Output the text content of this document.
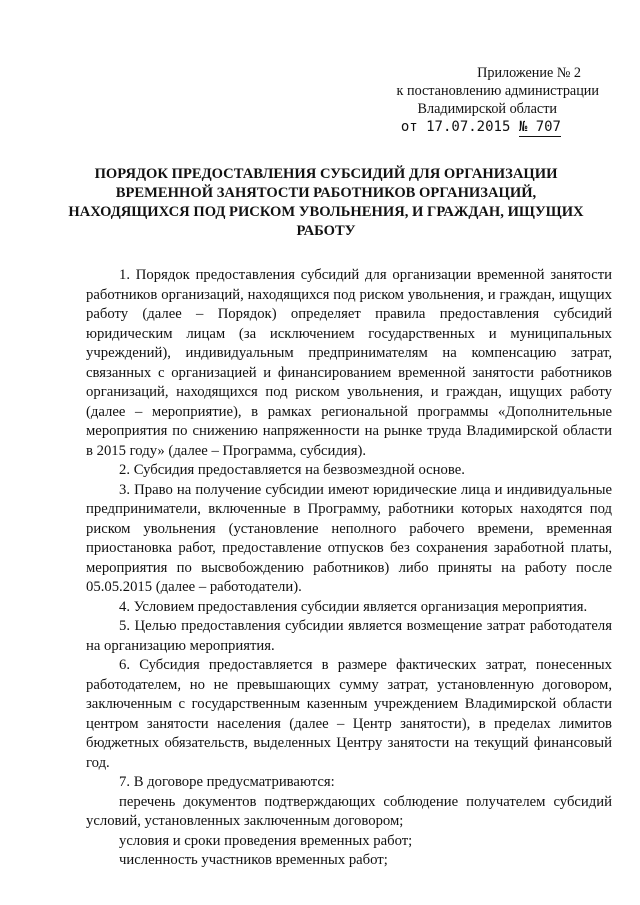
Приложение № 2
к постановлению администрации
Владимирской области
от 17.07.2015 № 707
ПОРЯДОК ПРЕДОСТАВЛЕНИЯ СУБСИДИЙ ДЛЯ ОРГАНИЗАЦИИ ВРЕМЕННОЙ ЗАНЯТОСТИ РАБОТНИКОВ ОРГАНИЗАЦИЙ, НАХОДЯЩИХСЯ ПОД РИСКОМ УВОЛЬНЕНИЯ, И ГРАЖДАН, ИЩУЩИХ РАБОТУ

1. Порядок предоставления субсидий для организации временной занятости работников организаций, находящихся под риском увольнения, и граждан, ищущих работу (далее – Порядок) определяет правила предоставления субсидий юридическим лицам (за исключением государственных и муниципальных учреждений), индивидуальным предпринимателям на компенсацию затрат, связанных с организацией и финансированием временной занятости работников организаций, находящихся под риском увольнения, и граждан, ищущих работу (далее – мероприятие), в рамках региональной программы «Дополнительные мероприятия по снижению напряженности на рынке труда Владимирской области в 2015 году» (далее – Программа, субсидия).

2. Субсидия предоставляется на безвозмездной основе.

3. Право на получение субсидии имеют юридические лица и индивидуальные предприниматели, включенные в Программу, работники которых находятся под риском увольнения (установление неполного рабочего времени, временная приостановка работ, предоставление отпусков без сохранения заработной платы, мероприятия по высвобождению работников) либо приняты на работу после 05.05.2015 (далее – работодатели).

4. Условием предоставления субсидии является организация мероприятия.

5. Целью предоставления субсидии является возмещение затрат работодателя на организацию мероприятия.

6. Субсидия предоставляется в размере фактических затрат, понесенных работодателем, но не превышающих сумму затрат, установленную договором, заключенным с государственным казенным учреждением Владимирской области центром занятости населения (далее – Центр занятости), в пределах лимитов бюджетных обязательств, выделенных Центру занятости на текущий финансовый год.

7. В договоре предусматриваются:

перечень документов подтверждающих соблюдение получателем субсидий условий, установленных заключенным договором;

условия и сроки проведения временных работ;

численность участников временных работ;
